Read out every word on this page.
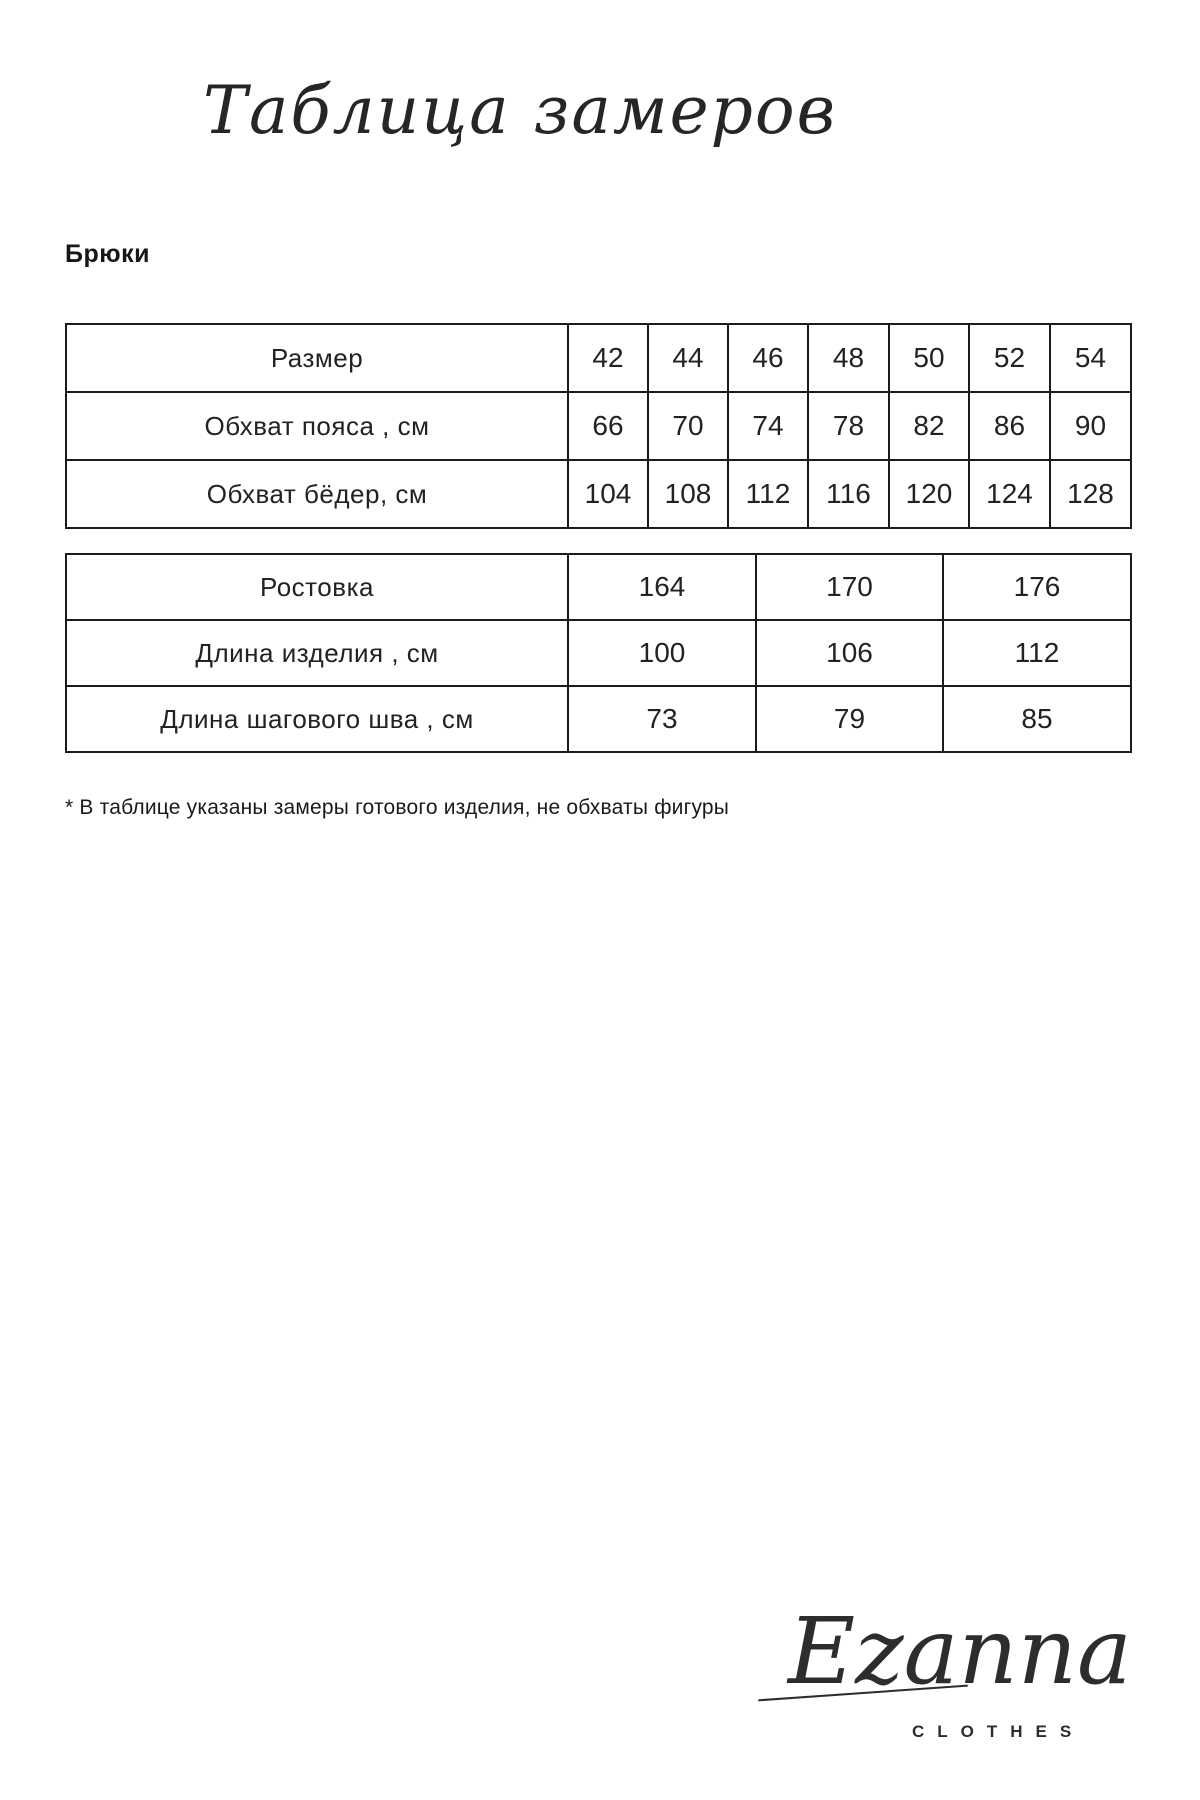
Таблица замеров
Брюки
Размер	42	44	46	48	50	52	54
Обхват пояса , см	66	70	74	78	82	86	90
Обхват бёдер, см	104	108	112	116	120	124	128
Ростовка	164	170	176
Длина изделия , см	100	106	112
Длина шагового шва , см	73	79	85
* В таблице указаны замеры готового изделия, не обхваты фигуры
Ezanna
CLOTHES
